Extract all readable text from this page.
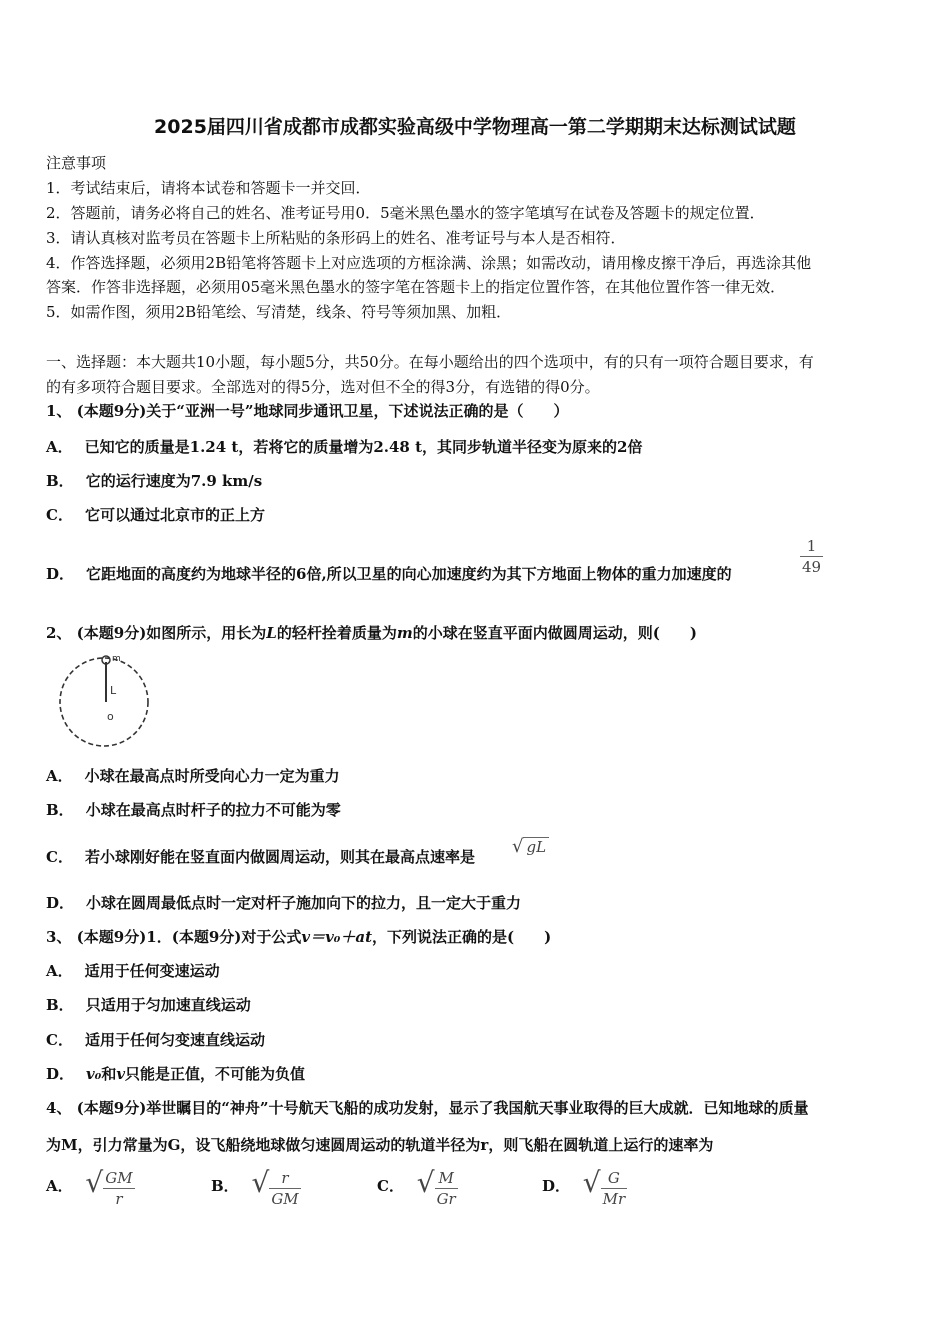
2025届四川省成都市成都实验高级中学物理高一第二学期期末达标测试试题
注意事项
1．考试结束后，请将本试卷和答题卡一并交回．
2．答题前，请务必将自己的姓名、准考证号用0．5毫米黑色墨水的签字笔填写在试卷及答题卡的规定位置．
3．请认真核对监考员在答题卡上所粘贴的条形码上的姓名、准考证号与本人是否相符．
4．作答选择题，必须用2B铅笔将答题卡上对应选项的方框涂满、涂黑；如需改动，请用橡皮擦干净后，再选涂其他
答案．作答非选择题，必须用05毫米黑色墨水的签字笔在答题卡上的指定位置作答，在其他位置作答一律无效．
5．如需作图，须用2B铅笔绘、写清楚，线条、符号等须加黑、加粗．
一、选择题：本大题共10小题，每小题5分，共50分。在每小题给出的四个选项中，有的只有一项符合题目要求，有
的有多项符合题目要求。全部选对的得5分，选对但不全的得3分，有选错的得0分。
1、 (本题9分)关于“亚洲一号”地球同步通讯卫星，下述说法正确的是（　　）
A． 已知它的质量是1.24 t，若将它的质量增为2.48 t，其同步轨道半径变为原来的2倍
B． 它的运行速度为7.9 km/s
C． 它可以通过北京市的正上方
D． 它距地面的高度约为地球半径的6倍,所以卫星的向心加速度约为其下方地面上物体的重力加速度的	$\frac{1}{49}$
2、 (本题9分)如图所示，用长为L的轻杆拴着质量为m的小球在竖直平面内做圆周运动，则(　　)
m
L
o
A． 小球在最高点时所受向心力一定为重力
B． 小球在最高点时杆子的拉力不可能为零
C． 若小球刚好能在竖直面内做圆周运动，则其在最高点速率是 √ gL
D． 小球在圆周最低点时一定对杆子施加向下的拉力，且一定大于重力
3、 (本题9分)1．(本题9分)对于公式v＝v₀＋at，下列说法正确的是(　　)
A． 适用于任何变速运动
B． 只适用于匀加速直线运动
C． 适用于任何匀变速直线运动
D． v₀和v只能是正值，不可能为负值
4、 (本题9分)举世瞩目的“神舟”十号航天飞船的成功发射，显示了我国航天事业取得的巨大成就．已知地球的质量
为M，引力常量为G，设飞船绕地球做匀速圆周运动的轨道半径为r，则飞船在圆轨道上运行的速率为
A． √ $\frac{GM}{r}$	B． √ $\frac{r}{GM}$	C． √ $\frac{M}{Gr}$	D． √ $\frac{G}{Mr}$
